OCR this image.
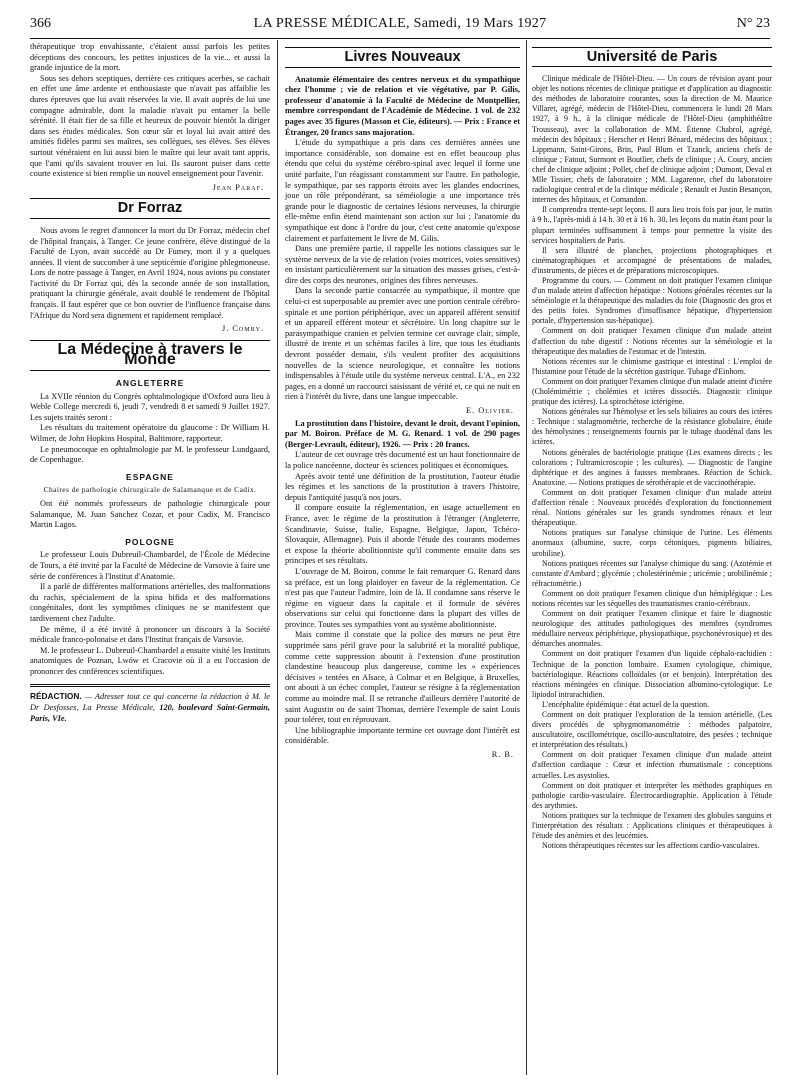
366	LA PRESSE MÉDICALE, Samedi, 19 Mars 1927	N° 23

thérapeutique trop envahissante, c'étaient aussi parfois les petites déceptions des concours, les petites injustices de la vie... et aussi la grande injustice de la mort.

Sous ses dehors sceptiques, derrière ces critiques acerbes, se cachait en effet une âme ardente et enthousiaste que n'avait pas affaiblie les dures épreuves que lui avait réservées la vie. Il avait auprès de lui une compagne admirable, dont la maladie n'avait pu entamer la belle sérénité. Il était fier de sa fille et heureux de pouvoir bientôt la diriger dans ses études médicales. Son cœur sûr et loyal lui avait attiré des amitiés fidèles parmi ses maîtres, ses collègues, ses élèves. Ses élèves surtout vénéraient en lui aussi bien le maître qui leur avait tant appris, que l'ami qu'ils savaient trouver en lui. Ils sauront puiser dans cette courte existence si bien remplie un nouvel enseignement pour l'avenir.

Jean Paraf.
Dr Forraz

Nous avons le regret d'annoncer la mort du Dr Forraz, médecin chef de l'hôpital français, à Tanger. Ce jeune confrère, élève distingué de la Faculté de Lyon, avait succédé au Dr Fumey, mort il y a quelques années. Il vient de succomber à une septicémie d'origine phlegmoneuse. Lors de notre passage à Tanger, en Avril 1924, nous avions pu constater l'activité du Dr Forraz qui, dès la seconde année de son installation, pratiquant la chirurgie générale, avait doublé le rendement de l'hôpital français. Il faut espérer que ce bon ouvrier de l'influence française dans l'Afrique du Nord sera dignement et rapidement remplacé.

J. Comby.
La Médecine à travers le Monde
ANGLETERRE

La XVIIe réunion du Congrès ophtalmologique d'Oxford aura lieu à Weble College mercredi 6, jeudi 7, vendredi 8 et samedi 9 Juillet 1927. Les sujets traités seront :

Les résultats du traitement opératoire du glaucome : Dr William H. Wilmer, de John Hopkins Hospital, Baltimore, rapporteur.

Le pneumocoque en ophtalmologie par M. le professeur Lundgaard, de Copenhague.

ESPAGNE
Chaires de pathologie chirurgicale de Salamanque et de Cadix.

Ont été nommés professeurs de pathologie chirurgicale pour Salamanque, M. Juan Sanchez Cozar, et pour Cadix, M. Francisco Martin Lagos.

POLOGNE

Le professeur Louis Dubreuil-Chambardel, de l'École de Médecine de Tours, a été invité par la Faculté de Médecine de Varsovie à faire une série de conférences à l'Institut d'Anatomie.

Il a parlé de différentes malformations artérielles, des malformations du rachis, spécialement de la spina bifida et des malformations congénitales, dont les symptômes cliniques ne se manifestent que tardivement chez l'adulte.

De même, il a été invité à prononcer un discours à la Société médicale franco-polonaise et dans l'Institut français de Varsovie.

M. le professeur L. Dubreuil-Chambardel a ensuite visité les Instituts anatomiques de Poznan, Lwów et Cracovie où il a eu l'occasion de prononcer des conférences scientifiques.

RÉDACTION. — Adresser tout ce qui concerne la rédaction à M. le Dr Desfosses, La Presse Médicale, 120, boulevard Saint-Germain, Paris, VIe.
Livres Nouveaux

Anatomie élémentaire des centres nerveux et du sympathique chez l'homme ; vie de relation et vie végétative, par P. Gilis, professeur d'anatomie à la Faculté de Médecine de Montpellier, membre correspondant de l'Académie de Médecine. 1 vol. de 232 pages avec 35 figures (Masson et Cie, éditeurs). — Prix : France et Étranger, 20 francs sans majoration.

L'étude du sympathique a pris dans ces dernières années une importance considérable, son domaine est en effet beaucoup plus étendu que celui du système cérébro-spinal avec lequel il forme une unité parfaite, l'un réagissant constamment sur l'autre. En pathologie, le sympathique, par ses rapports étroits avec les glandes endocrines, joue un rôle prépondérant, sa séméiologie a une importance très grande pour le diagnostic de certaines lésions nerveuses, la chirurgie elle-même enfin étend maintenant son action sur lui ; l'anatomie du sympathique est donc à l'ordre du jour, c'est cette anatomie qu'expose clairement et parfaitement le livre de M. Gilis.

Dans une première partie, il rappelle les notions classiques sur le système nerveux de la vie de relation (voies motrices, voies sensitives) en insistant particulièrement sur la situation des masses grises, c'est-à-dire des corps des neurones, origines des fibres nerveuses.

Dans la seconde partie consacrée au sympathique, il montre que celui-ci est superposable au premier avec une portion centrale cérébro-spinale et une portion périphérique, avec un appareil afférent sensitif et un appareil efférent moteur et sécrétoire. Un long chapitre sur le parasympathique cranien et pelvien termine cet ouvrage clair, simple, illustré de trente et un schémas faciles à lire, que tous les étudiants devront posséder demain, s'ils veulent profiter des acquisitions nouvelles de la science neurologique, et connaître les notions indispensables à l'étude utile du système nerveux central. L'A., en 232 pages, en a donné un raccourci saisissant de vérité et, ce qui ne nuit en rien à l'intérêt du livre, dans une langue impeccable.

E. Olivier.

La prostitution dans l'histoire, devant le droit, devant l'opinion, par M. Boiron. Préface de M. G. Renard. 1 vol. de 290 pages (Berger-Levrault, éditeur), 1926. — Prix : 20 francs.

L'auteur de cet ouvrage très documenté est un haut fonctionnaire de la police nancéenne, docteur ès sciences politiques et économiques.

Après avoir tenté une définition de la prostitution, l'auteur étudie les régimes et les sanctions de la prostitution à travers l'histoire, depuis l'antiquité jusqu'à nos jours.

Il compare ensuite la réglementation, en usage actuellement en France, avec le régime de la prostitution à l'étranger (Angleterre, Scandinavie, Suisse, Italie, Espagne, Belgique, Japon, Tchéco-Slovaquie, Allemagne). Puis il aborde l'étude des courants modernes et expose la théorie abolitionniste qu'il commente ensuite dans ses principes et ses résultats.

L'ouvrage de M. Boiron, comme le fait remarquer G. Renard dans sa préface, est un long plaidoyer en faveur de la réglementation. Ce n'est pas que l'auteur l'admire, loin de là. Il condamne sans réserve le régime en vigueur dans la capitale et il formule de sévères observations sur celui qui fonctionne dans la plupart des villes de province. Toutes ses sympathies vont au système abolitionniste.

Mais comme il constate que la police des mœurs ne peut être supprimée sans péril grave pour la salubrité et la moralité publique, comme cette suppression aboutit à l'extension d'une prostitution clandestine beaucoup plus dangereuse, comme les « expériences décisives » tentées en Alsace, à Colmar et en Belgique, à Bruxelles, ont abouti à un échec complet, l'auteur se résigne à la réglementation comme au moindre mal. Il se retranche d'ailleurs derrière l'autorité de saint Augustin ou de saint Thomas, derrière l'exemple de saint Louis pour tolérer, tout en réprouvant.

Une bibliographie importante termine cet ouvrage dont l'intérêt est considérable.

R. B.
Université de Paris

Clinique médicale de l'Hôtel-Dieu. — Un cours de révision ayant pour objet les notions récentes de clinique pratique et d'application au diagnostic des méthodes de laboratoire courantes, sous la direction de M. Maurice Villaret, agrégé, médecin de l'Hôtel-Dieu, commencera le lundi 28 Mars 1927, à 9 h., à la clinique médicale de l'Hôtel-Dieu (amphithéâtre Trousseau), avec la collaboration de MM. Étienne Chabrol, agrégé, médecin des hôpitaux ; Herscher et Henri Bénard, médecins des hôpitaux ; Lippmann, Saint-Girons, Brin, Paul Blum et Tzanck, anciens chefs de clinique ; Fatout, Surmont et Boutlier, chefs de clinique ; A. Coury, ancien chef de clinique adjoint ; Pollet, chef de clinique adjoint ; Dumont, Deval et Mlle Tissier, chefs de laboratoire ; MM. Lagarenne, chef du laboratoire radiologique central et de la clinique médicale ; Renault et Justin Besançon, internes des hôpitaux, et Comandon.

Il comprendra trente-sept leçons. Il aura lieu trois fois par jour, le matin à 9 h., l'après-midi à 14 h. 30 et à 16 h. 30, les leçons du matin étant pour la plupart terminées suffisamment à temps pour permettre la visite des services hospitaliers de Paris.

Il sera illustré de planches, projections photographiques et cinématographiques et accompagné de présentations de malades, d'instruments, de pièces et de préparations microscopiques.

Programme du cours. — Comment on doit pratiquer l'examen clinique d'un malade atteint d'affection hépatique : Notions générales récentes sur la séméiologie et la thérapeutique des maladies du foie (Diagnostic des gros et des petits foies. Syndromes d'insuffisance hépatique, d'hypertension portale, d'hypertension sus-hépatique).

Comment on doit pratiquer l'examen clinique d'un malade atteint d'affection du tube digestif : Notions récentes sur la séméiologie et la thérapeutique des maladies de l'estomac et de l'intestin.

Notions récentes sur le chimisme gastrique et intestinal : L'emploi de l'histamine pour l'étude de la sécrétion gastrique. Tubage d'Einhorn.

Comment on doit pratiquer l'examen clinique d'un malade atteint d'ictère (Cholémimétrie ; cholémies et ictères dissociés. Diagnostic clinique pratique des ictères). La spirochétose ictérigène.

Notions générales sur l'hémolyse et les sels biliaires au cours des ictères : Technique : stalagmométrie, recherche de la résistance globulaire, étude des hémolysines ; renseignements fournis par le tubage duodénal dans les ictères.

Notions générales de bactériologie pratique (Les examens directs ; les colorations ; l'ultramicroscopie ; les cultures). — Diagnostic de l'angine diphtérique et des angines à fausses membranes. Réaction de Schick. Anatoxine. — Notions pratiques de sérothérapie et de vaccinothérapie.

Comment on doit pratiquer l'examen clinique d'un malade atteint d'affection rénale : Nouveaux procédés d'exploration du fonctionnement rénal. Notions générales sur les grands syndromes rénaux et leur thérapeutique.

Notions pratiques sur l'analyse chimique de l'urine. Les éléments anormaux (albumine, sucre, corps cétoniques, pigments biliaires, urobiline).

Notions pratiques récentes sur l'analyse chimique du sang. (Azotémie et constante d'Ambard ; glycémie ; cholestérinémie ; uricémie ; urobilinémie ; réfractométrie.)

Comment on doit pratiquer l'examen clinique d'un hémiplégique : Les notions récentes sur les séquelles des traumatismes cranio-cérébraux.

Comment on doit pratiquer l'examen clinique et faire le diagnostic neurologique des attitudes pathologiques des membres (syndromes médullaire nerveux périphérique, physiopathique, psychonévrosique) et des démarches anormales.

Comment on doit pratiquer l'examen d'un liquide céphalo-rachidien : Technique de la ponction lombaire. Examen cytologique, chimique, bactériologique. Réactions colloïdales (or et benjoin). Interprétation des réactions méningées en clinique. Dissociation albumino-cytologique. Le lipiodol intrarachidien.

L'encéphalite épidémique : état actuel de la question.

Comment on doit pratiquer l'exploration de la tension artérielle. (Les divers procédés de sphygmomanométrie : méthodes palpatoire, auscultatoire, oscillométrique, oscillo-auscultatoire, des pesées ; technique et interprétation des résultats.)

Comment on doit pratiquer l'examen clinique d'un malade atteint d'affection cardiaque : Cœur et infection rhumatismale : conceptions actuelles. Les asystolies.

Comment on doit pratiquer et interpréter les méthodes graphiques en pathologie cardio-vasculaire. Électrocardiographie. Application à l'étude des arythmies.

Notions pratiques sur la technique de l'examen des globules sanguins et l'interprétation des résultats : Applications cliniques et thérapeutiques à l'étude des anémies et des leucémies.

Notions thérapeutiques récentes sur les affections cardio-vasculaires.
